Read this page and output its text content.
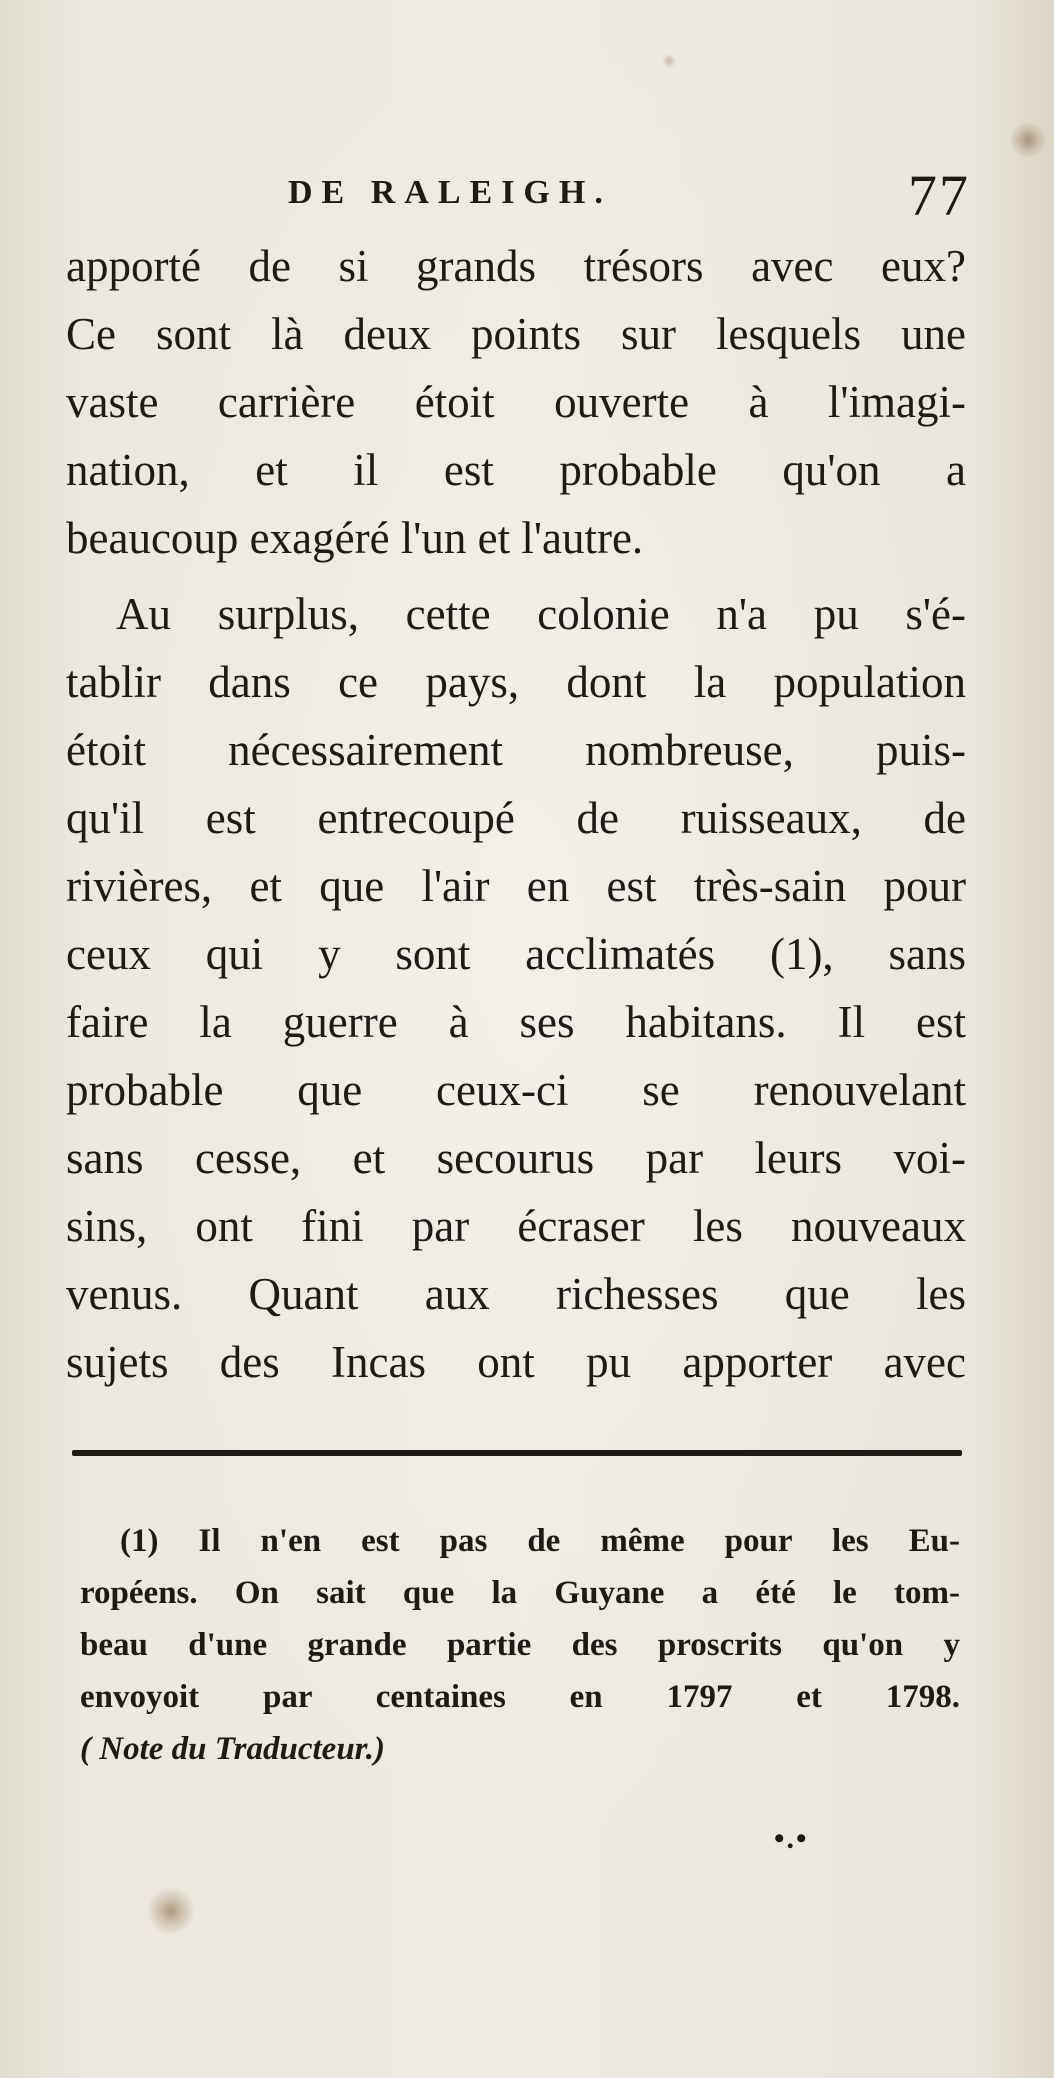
DE RALEIGH.	77
apporté de si grands trésors avec eux?
Ce sont là deux points sur lesquels une
vaste carrière étoit ouverte à l'imagi-
nation, et il est probable qu'on a
beaucoup exagéré l'un et l'autre.
Au surplus, cette colonie n'a pu s'é-
tablir dans ce pays, dont la population
étoit nécessairement nombreuse, puis-
qu'il est entrecoupé de ruisseaux, de
rivières, et que l'air en est très-sain pour
ceux qui y sont acclimatés (1), sans
faire la guerre à ses habitans. Il est
probable que ceux-ci se renouvelant
sans cesse, et secourus par leurs voi-
sins, ont fini par écraser les nouveaux
venus. Quant aux richesses que les
sujets des Incas ont pu apporter avec
(1) Il n'en est pas de même pour les Eu-
ropéens. On sait que la Guyane a été le tom-
beau d'une grande partie des proscrits qu'on y
envoyoit par centaines en 1797 et 1798.
( Note du Traducteur.)
•.•
